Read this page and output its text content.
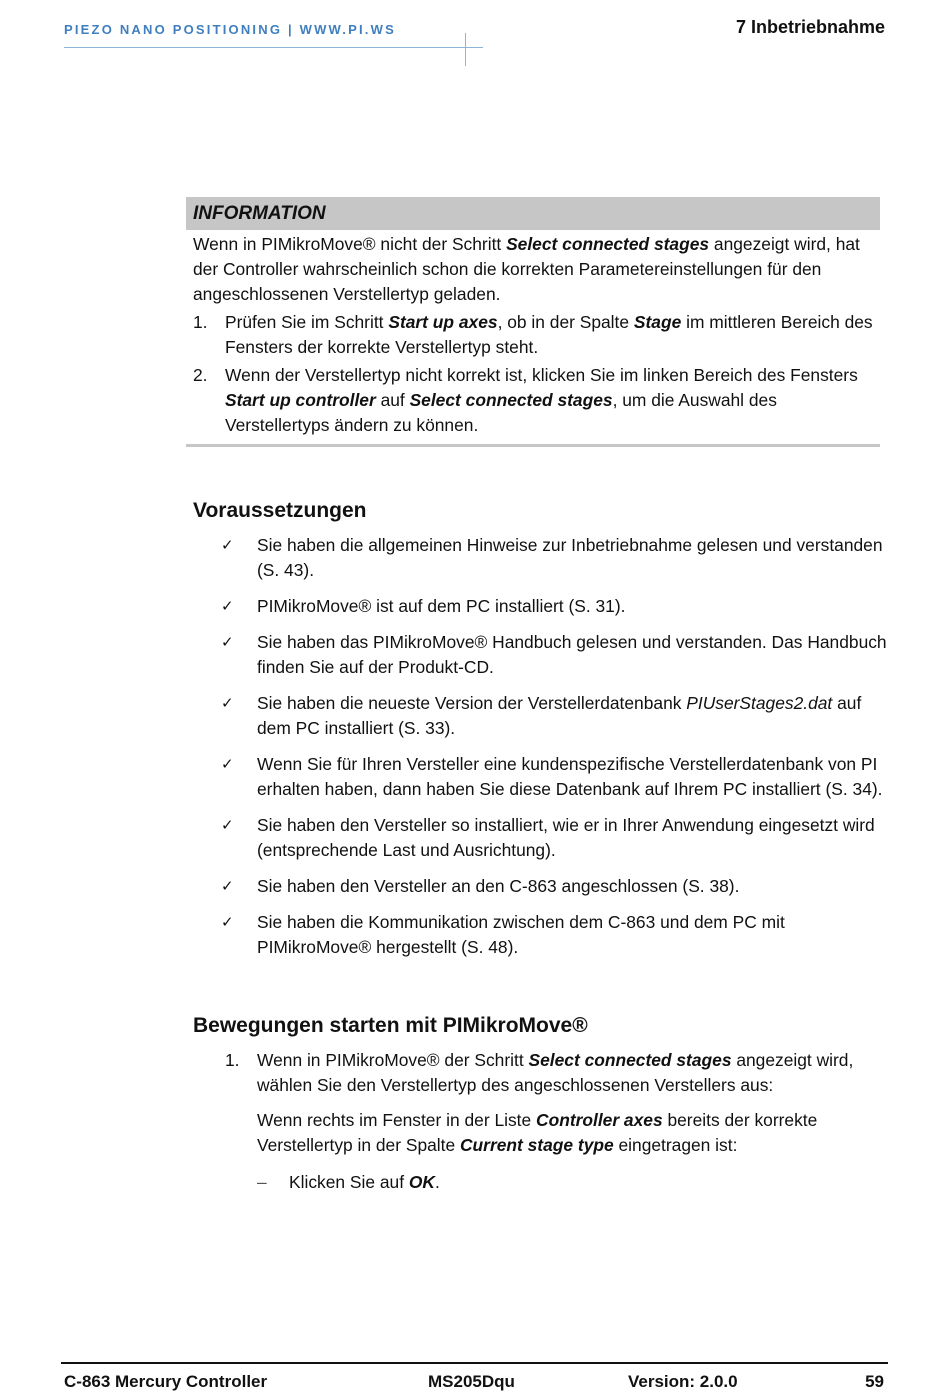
PIEZO NANO POSITIONING | WWW.PI.WS	7 Inbetriebnahme
INFORMATION

Wenn in PIMikroMove® nicht der Schritt Select connected stages angezeigt wird, hat der Controller wahrscheinlich schon die korrekten Parametereinstellungen für den angeschlossenen Verstellertyp geladen.

1. Prüfen Sie im Schritt Start up axes, ob in der Spalte Stage im mittleren Bereich des Fensters der korrekte Verstellertyp steht.

2. Wenn der Verstellertyp nicht korrekt ist, klicken Sie im linken Bereich des Fensters Start up controller auf Select connected stages, um die Auswahl des Verstellertyps ändern zu können.

Voraussetzungen
✓ Sie haben die allgemeinen Hinweise zur Inbetriebnahme gelesen und verstanden (S. 43).
✓ PIMikroMove® ist auf dem PC installiert (S. 31).
✓ Sie haben das PIMikroMove® Handbuch gelesen und verstanden. Das Handbuch finden Sie auf der Produkt-CD.
✓ Sie haben die neueste Version der Verstellerdatenbank PIUserStages2.dat auf dem PC installiert (S. 33).
✓ Wenn Sie für Ihren Versteller eine kundenspezifische Verstellerdatenbank von PI erhalten haben, dann haben Sie diese Datenbank auf Ihrem PC installiert (S. 34).
✓ Sie haben den Versteller so installiert, wie er in Ihrer Anwendung eingesetzt wird (entsprechende Last und Ausrichtung).
✓ Sie haben den Versteller an den C-863 angeschlossen (S. 38).
✓ Sie haben die Kommunikation zwischen dem C-863 und dem PC mit PIMikroMove® hergestellt (S. 48).
Bewegungen starten mit PIMikroMove®
1. Wenn in PIMikroMove® der Schritt Select connected stages angezeigt wird, wählen Sie den Verstellertyp des angeschlossenen Verstellers aus:
Wenn rechts im Fenster in der Liste Controller axes bereits der korrekte Verstellertyp in der Spalte Current stage type eingetragen ist:
– Klicken Sie auf OK.
C-863 Mercury Controller	MS205Dqu	Version: 2.0.0	59
